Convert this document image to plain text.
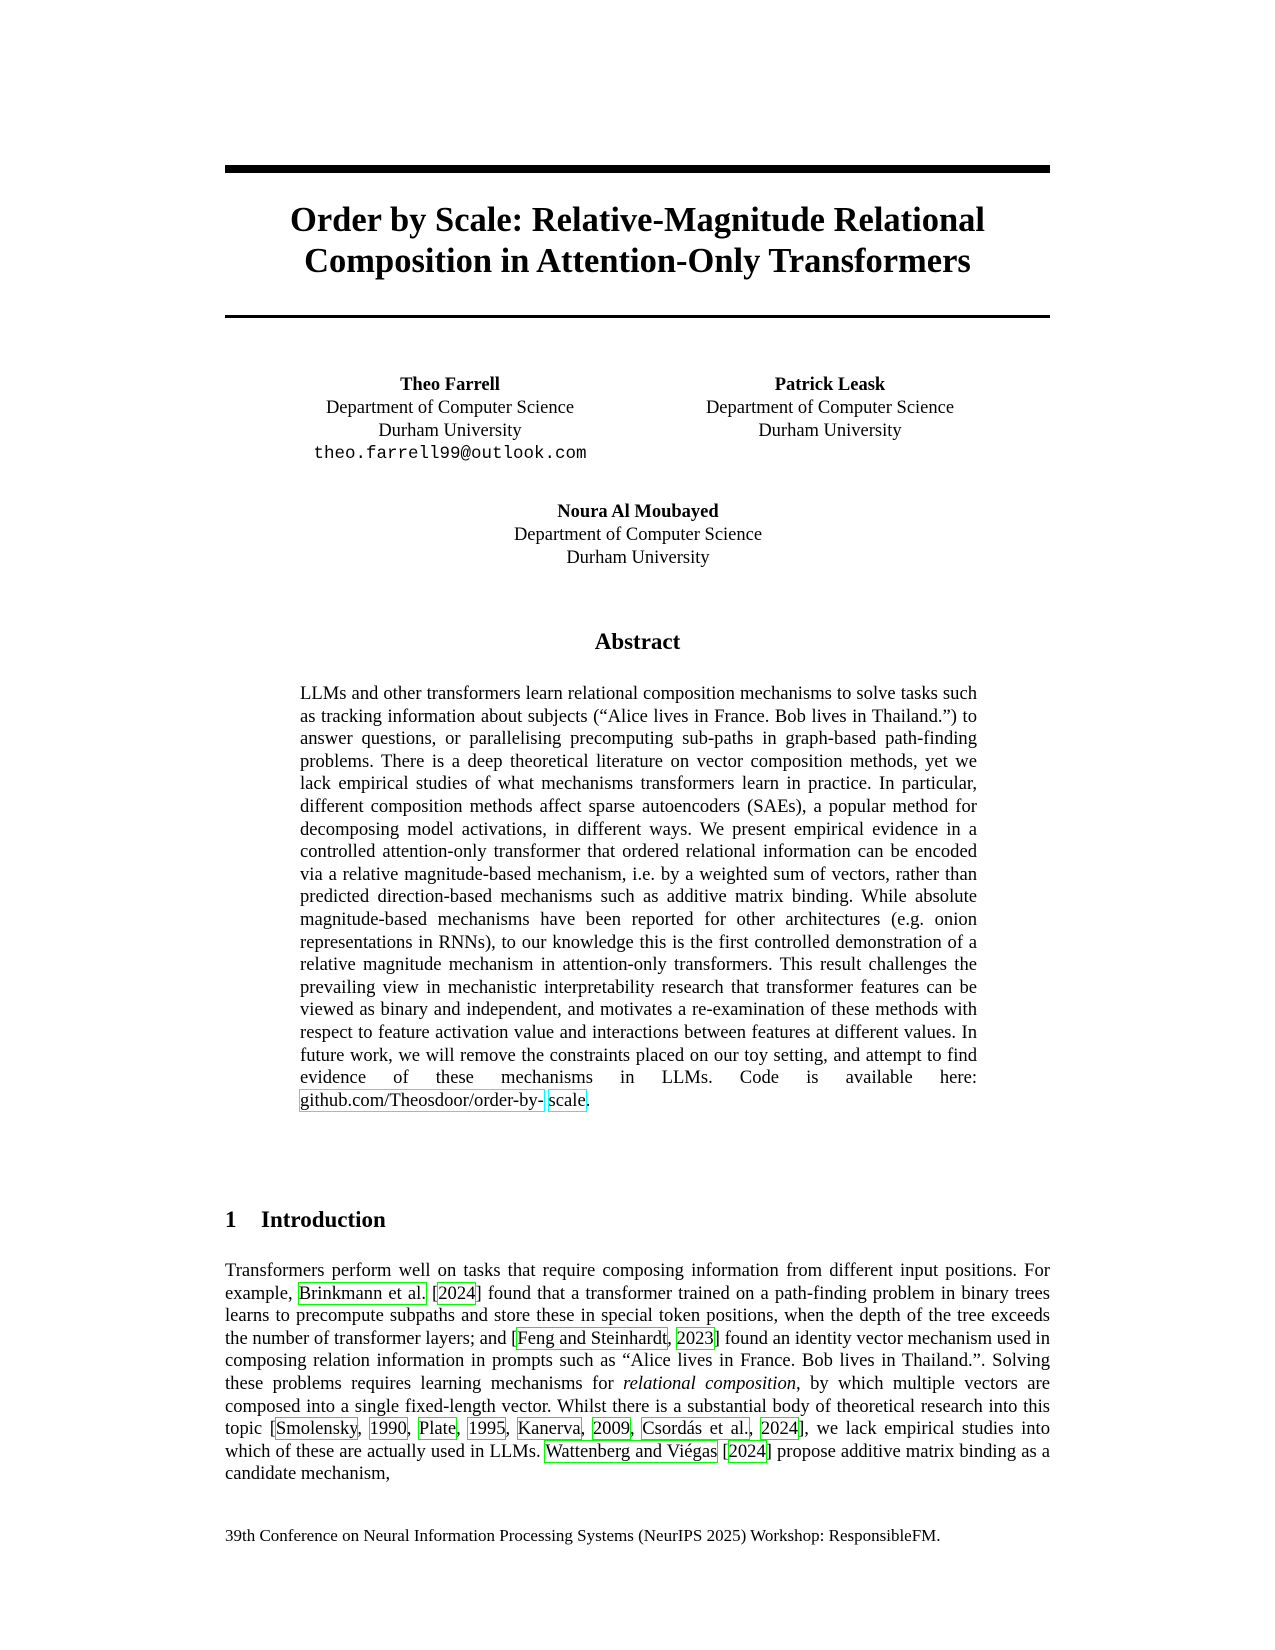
Order by Scale: Relative-Magnitude Relational
Composition in Attention-Only Transformers
Theo Farrell
Department of Computer Science
Durham University
theo.farrell99@outlook.com
Patrick Leask
Department of Computer Science
Durham University
Noura Al Moubayed
Department of Computer Science
Durham University
Abstract
LLMs and other transformers learn relational composition mechanisms to solve tasks such as tracking information about subjects (“Alice lives in France. Bob lives in Thailand.”) to answer questions, or parallelising precomputing sub-paths in graph-based path-finding problems. There is a deep theoretical literature on vector composition methods, yet we lack empirical studies of what mechanisms transformers learn in practice. In particular, different composition methods affect sparse autoencoders (SAEs), a popular method for decomposing model activations, in different ways. We present empirical evidence in a controlled attention-only transformer that ordered relational information can be encoded via a relative magnitude-based mechanism, i.e. by a weighted sum of vectors, rather than predicted direction-based mechanisms such as additive matrix binding. While absolute magnitude-based mechanisms have been reported for other architectures (e.g. onion representations in RNNs), to our knowledge this is the first controlled demonstration of a relative magnitude mechanism in attention-only transformers. This result challenges the prevailing view in mechanistic interpretability research that transformer features can be viewed as binary and independent, and motivates a re-examination of these methods with respect to feature activation value and interactions between features at different values. In future work, we will remove the constraints placed on our toy setting, and attempt to find evidence of these mechanisms in LLMs. Code is available here: github.com/Theosdoor/order-by- scale.
1 Introduction
Transformers perform well on tasks that require composing information from different input positions. For example, Brinkmann et al. [2024] found that a transformer trained on a path-finding problem in binary trees learns to precompute subpaths and store these in special token positions, when the depth of the tree exceeds the number of transformer layers; and [Feng and Steinhardt, 2023] found an identity vector mechanism used in composing relation information in prompts such as “Alice lives in France. Bob lives in Thailand.”. Solving these problems requires learning mechanisms for relational composition, by which multiple vectors are composed into a single fixed-length vector. Whilst there is a substantial body of theoretical research into this topic [Smolensky, 1990, Plate, 1995, Kanerva, 2009, Csordás et al., 2024], we lack empirical studies into which of these are actually used in LLMs. Wattenberg and Viégas [2024] propose additive matrix binding as a candidate mechanism,
39th Conference on Neural Information Processing Systems (NeurIPS 2025) Workshop: ResponsibleFM.
